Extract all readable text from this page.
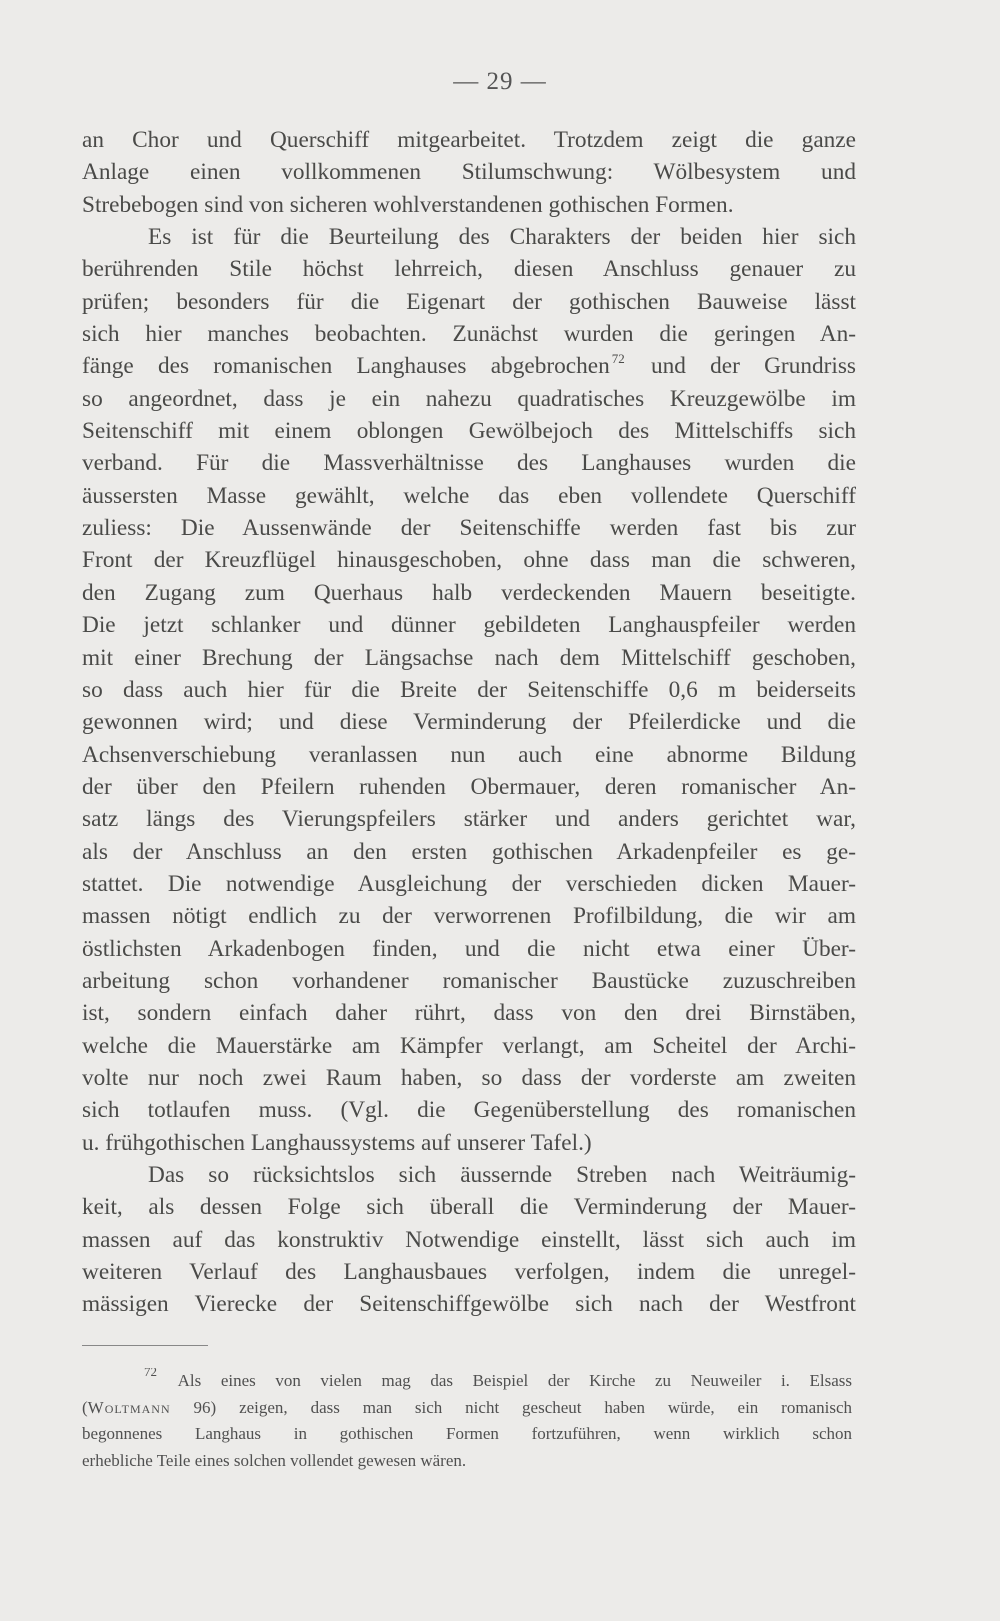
— 29 —
an Chor und Querschiff mitgearbeitet. Trotzdem zeigt die ganze
Anlage einen vollkommenen Stilumschwung: Wölbesystem und
Strebebogen sind von sicheren wohlverstandenen gothischen Formen.
Es ist für die Beurteilung des Charakters der beiden hier sich
berührenden Stile höchst lehrreich, diesen Anschluss genauer zu
prüfen; besonders für die Eigenart der gothischen Bauweise lässt
sich hier manches beobachten. Zunächst wurden die geringen An-
fänge des romanischen Langhauses abgebrochen $^{72}$ und der Grundriss
so angeordnet, dass je ein nahezu quadratisches Kreuzgewölbe im
Seitenschiff mit einem oblongen Gewölbejoch des Mittelschiffs sich
verband. Für die Massverhältnisse des Langhauses wurden die
äussersten Masse gewählt, welche das eben vollendete Querschiff
zuliess: Die Aussenwände der Seitenschiffe werden fast bis zur
Front der Kreuzflügel hinausgeschoben, ohne dass man die schweren,
den Zugang zum Querhaus halb verdeckenden Mauern beseitigte.
Die jetzt schlanker und dünner gebildeten Langhauspfeiler werden
mit einer Brechung der Längsachse nach dem Mittelschiff geschoben,
so dass auch hier für die Breite der Seitenschiffe 0,6 m beiderseits
gewonnen wird; und diese Verminderung der Pfeilerdicke und die
Achsenverschiebung veranlassen nun auch eine abnorme Bildung
der über den Pfeilern ruhenden Obermauer, deren romanischer An-
satz längs des Vierungspfeilers stärker und anders gerichtet war,
als der Anschluss an den ersten gothischen Arkadenpfeiler es ge-
stattet. Die notwendige Ausgleichung der verschieden dicken Mauer-
massen nötigt endlich zu der verworrenen Profilbildung, die wir am
östlichsten Arkadenbogen finden, und die nicht etwa einer Über-
arbeitung schon vorhandener romanischer Baustücke zuzuschreiben
ist, sondern einfach daher rührt, dass von den drei Birnstäben,
welche die Mauerstärke am Kämpfer verlangt, am Scheitel der Archi-
volte nur noch zwei Raum haben, so dass der vorderste am zweiten
sich totlaufen muss. (Vgl. die Gegenüberstellung des romanischen
u. frühgothischen Langhaussystems auf unserer Tafel.)
Das so rücksichtslos sich äussernde Streben nach Weiträumig-
keit, als dessen Folge sich überall die Verminderung der Mauer-
massen auf das konstruktiv Notwendige einstellt, lässt sich auch im
weiteren Verlauf des Langhausbaues verfolgen, indem die unregel-
mässigen Vierecke der Seitenschiffgewölbe sich nach der Westfront
$^{72}$ Als eines von vielen mag das Beispiel der Kirche zu Neuweiler i. Elsass
(Woltmann 96) zeigen, dass man sich nicht gescheut haben würde, ein romanisch
begonnenes Langhaus in gothischen Formen fortzuführen, wenn wirklich schon
erhebliche Teile eines solchen vollendet gewesen wären.
